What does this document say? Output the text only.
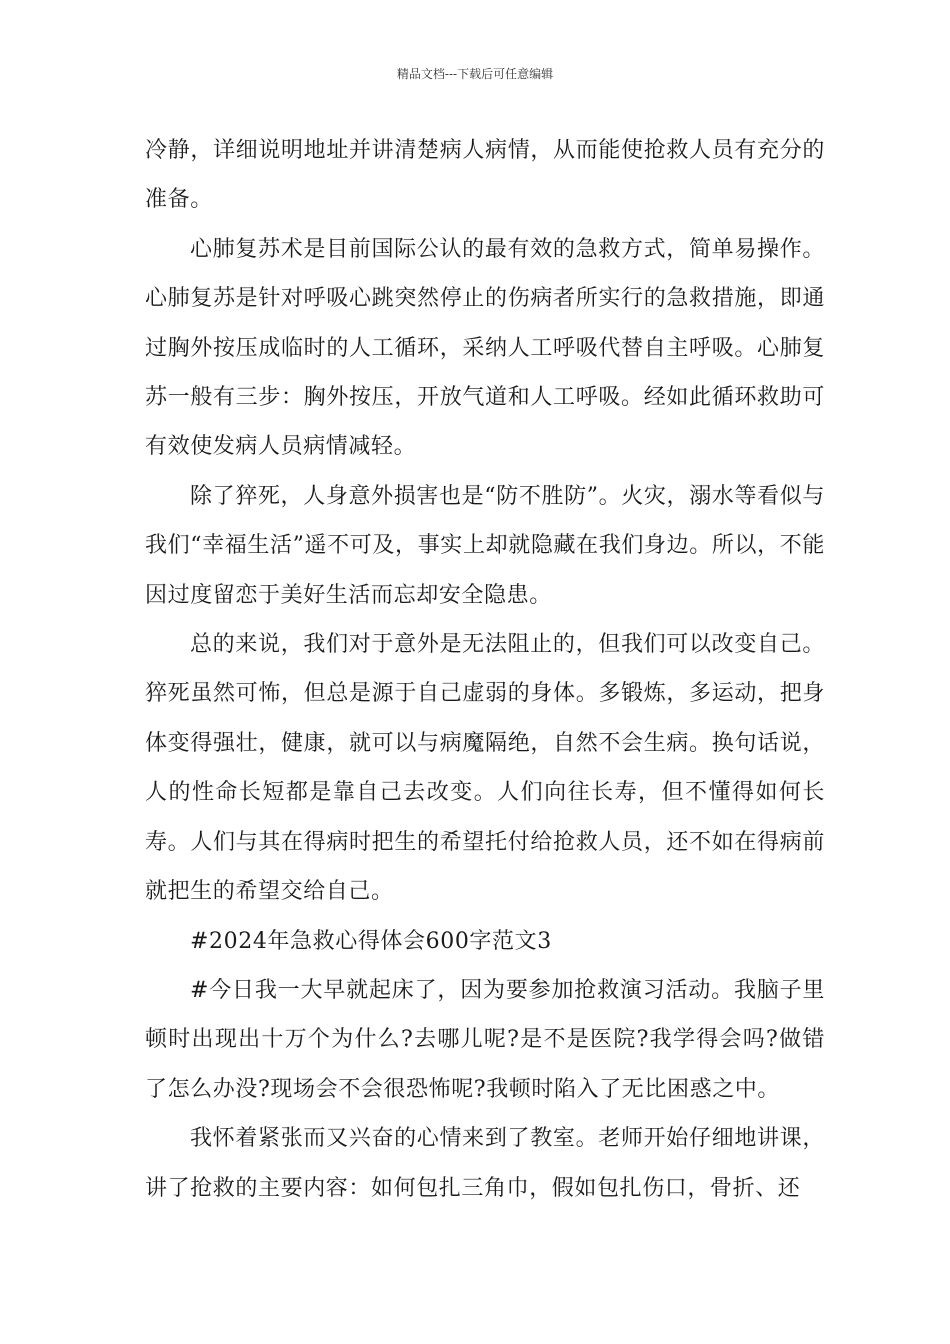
精品文档---下载后可任意编辑

冷静，详细说明地址并讲清楚病人病情，从而能使抢救人员有充分的准备。

心肺复苏术是目前国际公认的最有效的急救方式，简单易操作。心肺复苏是针对呼吸心跳突然停止的伤病者所实行的急救措施，即通过胸外按压成临时的人工循环，采纳人工呼吸代替自主呼吸。心肺复苏一般有三步：胸外按压，开放气道和人工呼吸。经如此循环救助可有效使发病人员病情减轻。

除了猝死，人身意外损害也是“防不胜防”。火灾，溺水等看似与我们“幸福生活”遥不可及，事实上却就隐藏在我们身边。所以，不能因过度留恋于美好生活而忘却安全隐患。

总的来说，我们对于意外是无法阻止的，但我们可以改变自己。猝死虽然可怖，但总是源于自己虚弱的身体。多锻炼，多运动，把身体变得强壮，健康，就可以与病魔隔绝，自然不会生病。换句话说，人的性命长短都是靠自己去改变。人们向往长寿，但不懂得如何长寿。人们与其在得病时把生的希望托付给抢救人员，还不如在得病前就把生的希望交给自己。

#2024年急救心得体会600字范文3

#今日我一大早就起床了，因为要参加抢救演习活动。我脑子里顿时出现出十万个为什么?去哪儿呢?是不是医院?我学得会吗?做错了怎么办没?现场会不会很恐怖呢?我顿时陷入了无比困惑之中。

我怀着紧张而又兴奋的心情来到了教室。老师开始仔细地讲课，讲了抢救的主要内容：如何包扎三角巾，假如包扎伤口，骨折、还
